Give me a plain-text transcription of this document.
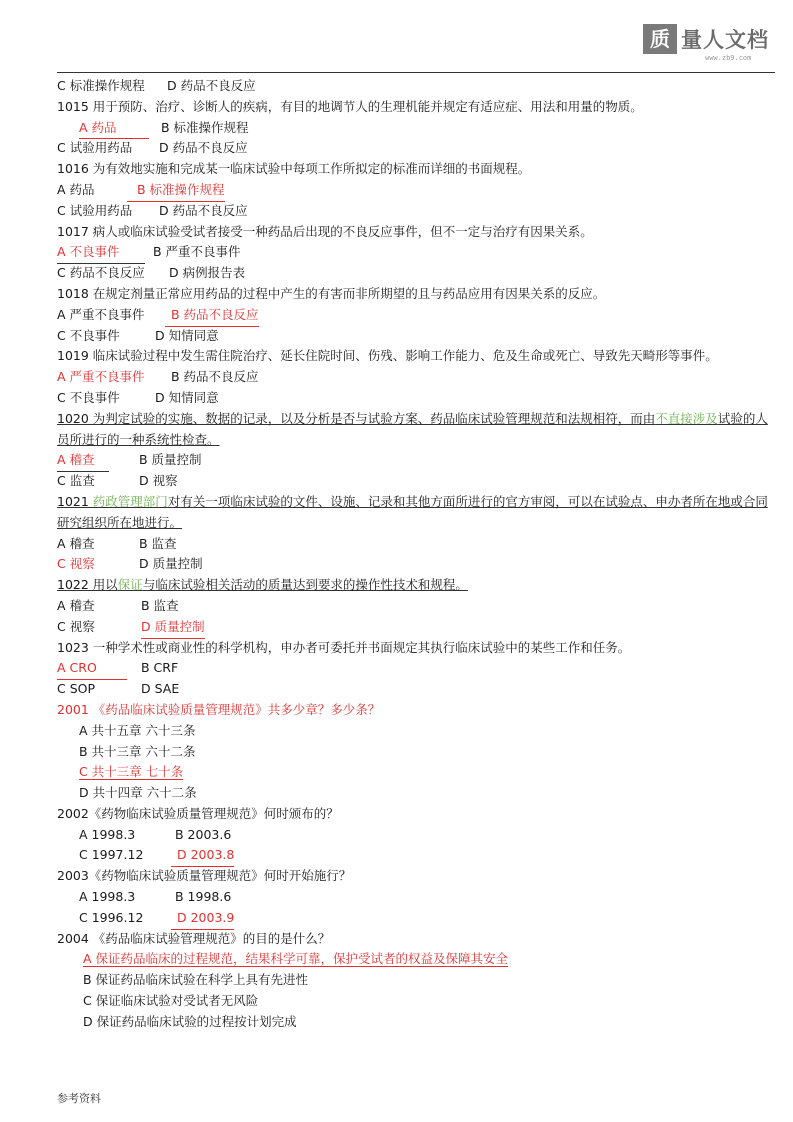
质 量人文档
www.zb9.com
C 标准操作规程 D 药品不良反应
1015 用于预防、治疗、诊断人的疾病，有目的地调节人的生理机能并规定有适应症、用法和用量的物质。
A 药品	B 标准操作规程
C 试验用药品 D 药品不良反应
1016 为有效地实施和完成某一临床试验中每项工作所拟定的标准而详细的书面规程。
A 药品	B 标准操作规程
C 试验用药品 D 药品不良反应
1017 病人或临床试验受试者接受一种药品后出现的不良反应事件，但不一定与治疗有因果关系。
A 不良事件	B 严重不良事件
C 药品不良反应 D 病例报告表
1018 在规定剂量正常应用药品的过程中产生的有害而非所期望的且与药品应用有因果关系的反应。
A 严重不良事件 B 药品不良反应
C 不良事件	D 知情同意
1019 临床试验过程中发生需住院治疗、延长住院时间、伤残、影响工作能力、危及生命或死亡、导致先天畸形等事件。
A 严重不良事件 B 药品不良反应
C 不良事件	D 知情同意
1020 为判定试验的实施、数据的记录，以及分析是否与试验方案、药品临床试验管理规范和法规相符，而由不直接涉及试验的人员所进行的一种系统性检查。
A 稽查	B 质量控制
C 监查	D 视察
1021 药政管理部门对有关一项临床试验的文件、设施、记录和其他方面所进行的官方审阅，可以在试验点、申办者所在地或合同研究组织所在地进行。
A 稽查	B 监查
C 视察	D 质量控制
1022 用以保证与临床试验相关活动的质量达到要求的操作性技术和规程。
A 稽查	B 监查
C 视察	D 质量控制
1023 一种学术性或商业性的科学机构，申办者可委托并书面规定其执行临床试验中的某些工作和任务。
A CRO	B CRF
C SOP	D SAE
2001 《药品临床试验质量管理规范》共多少章？多少条？
A 共十五章 六十三条
B 共十三章 六十二条
C 共十三章 七十条
D 共十四章 六十二条
2002《药物临床试验质量管理规范》何时颁布的？
A 1998.3	B 2003.6
C 1997.12	D 2003.8
2003《药物临床试验质量管理规范》何时开始施行？
A 1998.3	B 1998.6
C 1996.12	D 2003.9
2004 《药品临床试验管理规范》的目的是什么？
A 保证药品临床的过程规范，结果科学可靠，保护受试者的权益及保障其安全
B 保证药品临床试验在科学上具有先进性
C 保证临床试验对受试者无风险
D 保证药品临床试验的过程按计划完成
参考资料
